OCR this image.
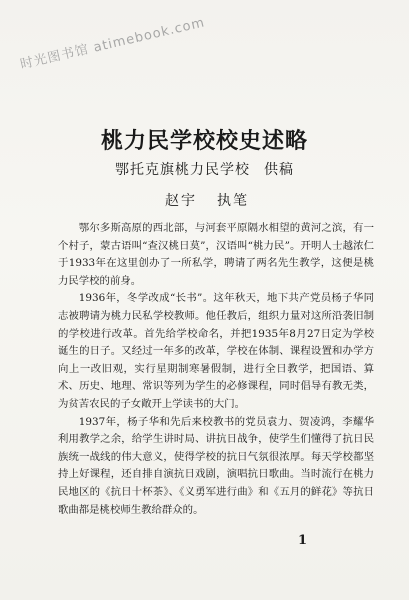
时光图书馆 atimebook.com
桃力民学校校史述略
鄂托克旗桃力民学校 供稿
赵宇 执笔

鄂尔多斯高原的西北部，与河套平原隔水相望的黄河之滨，有一个村子，蒙古语叫“查汉桃日莫”，汉语叫“桃力民”。开明人士越浓仁于1933年在这里创办了一所私学，聘请了两名先生教学，这便是桃力民学校的前身。

1936年，冬学改成“长书”。这年秋天，地下共产党员杨子华同志被聘请为桃力民私学校教师。他任教后，组织力量对这所沿袭旧制的学校进行改革。首先给学校命名，并把1935年8月27日定为学校诞生的日子。又经过一年多的改革，学校在体制、课程设置和办学方向上一改旧观，实行星期制寒暑假制，进行全日教学，把国语、算术、历史、地理、常识等列为学生的必修课程，同时倡导有教无类，为贫苦农民的子女敞开上学读书的大门。

1937年，杨子华和先后来校教书的党员袁力、贺凌鸿，李耀华利用教学之余，给学生讲时局、讲抗日战争，使学生们懂得了抗日民族统一战线的伟大意义，使得学校的抗日气氛很浓厚。每天学校都坚持上好课程，还自排自演抗日戏剧，演唱抗日歌曲。当时流行在桃力民地区的《抗日十杯茶》、《义勇军进行曲》和《五月的鲜花》等抗日歌曲都是桃校师生教给群众的。

1
